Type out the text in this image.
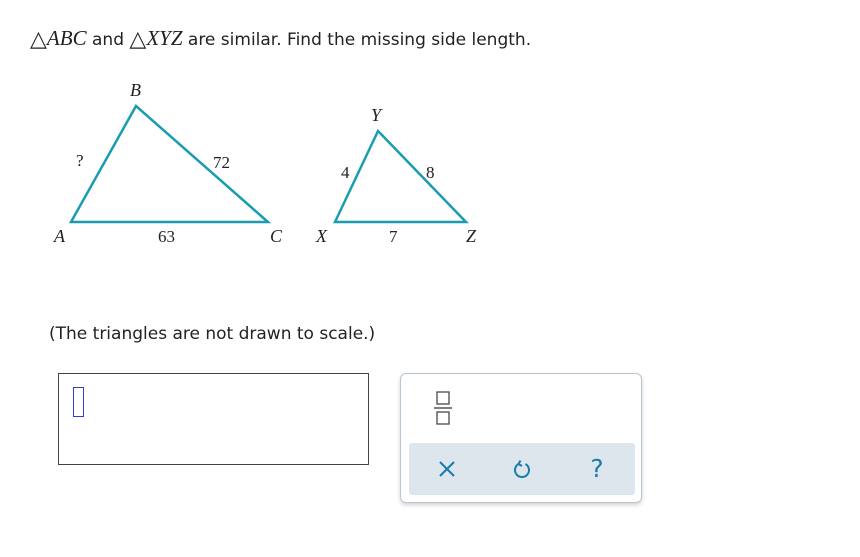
△ABC and △XYZ are similar. Find the missing side length.
B
A	C
?	72
63
Y
X	Z
4	8
7
(The triangles are not drawn to scale.)
?
